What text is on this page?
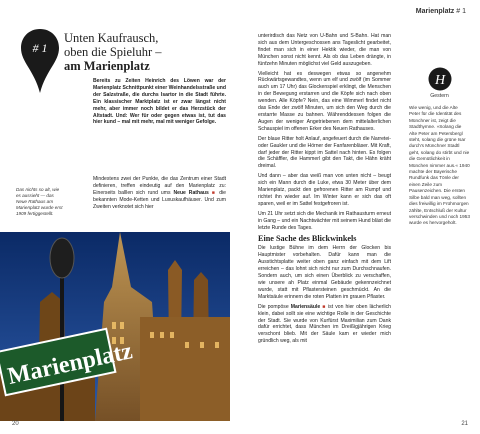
Marienplatz # 1
# 1
Unten Kaufrausch,
oben die Spieluhr –
am Marienplatz
Das nichts so alt, wie es aussieht — das Neue Rathaus am Marienplatz wurde erst 1909 fertiggestellt.
Bereits zu Zeiten Heinrich des Löwen war der Marienplatz Schnittpunkt einer Weinhandelsstraße und der Salzstraße, die durchs Isartor in die Stadt führte. Ein klassischer Marktplatz ist er zwar längst nicht mehr, aber immer noch bildet er das Herzstück der Altstadt. Und: Wer für oder gegen etwas ist, tut das hier kund – mal mit mehr, mal mit weniger Gefolge.
Mindestens zwei der Punkte, die das Zentrum einer Stadt definieren, treffen eindeutig auf den Marienplatz zu: Einerseits balllen sich rund ums Neue Rathaus ■ die bekannten Mode-Ketten und Luxuskaufhäuser. Und zum Zweiten verknotet sich hier
Marienplatz

unterirdisch das Netz von U-Bahn und S-Bahn. Hat man sich aus dem Untergeschossen ans Tageslicht gearbeitet, findet man sich in einer Hektik wieder, die man von München sonst nicht kennt. Als ob das Leben drängte, in fünfzehn Minuten möglichst viel Geld auszugeben.

Vielleicht hat es deswegen etwas so angenehm Rückwärtsgewandtes, wenn um elf und zwölf (im Sommer auch um 17 Uhr) das Glockenspiel erklingt, die Menschen in der Bewegung erstarren und die Köpfe sich nach oben wenden. Alle Köpfe? Nein, das eine Wimmerl findet nicht das Ende der zwölf Minuten, um sich den Weg durch die erstarrte Masse zu bahnen. Währenddessen folgen die Augen der weniger Angetriebenen dem mittelalterlichen Schauspiel im offenen Erker des Neuen Rathauses.

Der blaue Ritter holt Anlauf, angefeuert durch die Narretei-oder Gaukler und die Hörner der Fanfarenbläser. Mit Kraft, darf jeder der Ritter kippt im Sattel nach hinten. Es folgen die Schäffler, die Hammerl gibt den Takt, die Hähn kräht dreimal.

Und dann – aber das weiß man von unten nicht – beugt sich ein Mann durch die Luke, etwa 30 Meter über dem Marienplatz, packt den gefrorenen Ritter am Rumpf und richtet ihn wieder auf. Im Winter kann er sich das oft sparen, weil er im Sattel festgefroren ist.

Um 21 Uhr setzt sich die Mechanik im Rathausturm erneut in Gang – und ein Nachtwächter mit seinem Hund bläst die letzte Runde des Tages.

Eine Sache des Blickwinkels

Die lustige Bühne im dem Herrn der Glocken bis Hauptmister vorbehalten. Dafür kann man die Ausstichtsplatte weiter oben ganz einfach mit dem Lift erreichen – das lohnt sich nicht nur zum Durchschnaufen. Sondern auch, um sich einen Überblick zu verschaffen, wie unsere ah Platz einmal Gebäude gekennzeichnet wurde, statt mit Pflastersteinen geschmückt. An die Marktsäule erinnern die roten Platten im grauen Pflaster.

Die pompöse Mariensäule ■ ist von hier oben lächerlich klein, dabei sollt sie eine wichtige Rolle in der Geschichte der Stadt. Sie wurde von Kurfürst Maximilian zum Dank dafür errichtet, dass München im Dreißigjährigen Krieg verschont blieb. Mit der Säule kam er wieder mich gründlich weg, als mit

H
Gestern
Wie wenig, und die Alte Peter für die Identität des Münchner ist, zeigt die Stadthymne. »Solang die Alte Peter am Petersbergl steht, solang die grüne Isar durch's Münchner Stadtl geht, solang do stirbt und nie die Gemütlichkeit in München nimmer aus.« 1940 machte der Bayerische Rundfunk das Tönle der einen Zeile zum Pausenzeichen. Die ersten Silbe bald man weg, sollten dies freiwillig im Frühmorgen zählte, Entschluß der Kultur verschwinden und noch 1953 wurde es hervorgeholt.
20	21
